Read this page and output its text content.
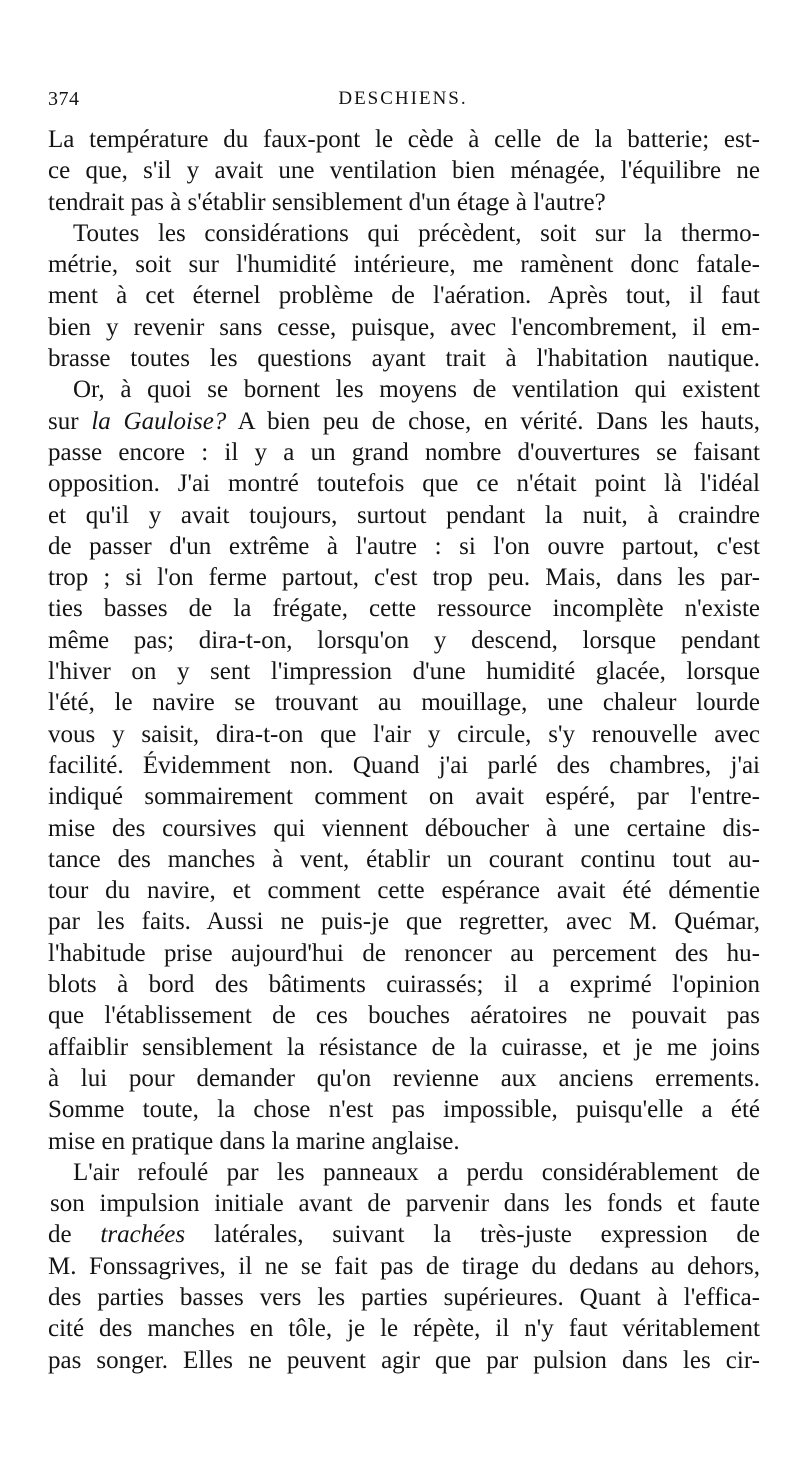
374	DESCHIENS.
La température du faux-pont le cède à celle de la batterie; est-
ce que, s'il y avait une ventilation bien ménagée, l'équilibre ne
tendrait pas à s'établir sensiblement d'un étage à l'autre?
Toutes les considérations qui précèdent, soit sur la thermo-
métrie, soit sur l'humidité intérieure, me ramènent donc fatale-
ment à cet éternel problème de l'aération. Après tout, il faut
bien y revenir sans cesse, puisque, avec l'encombrement, il em-
brasse toutes les questions ayant trait à l'habitation nautique.
Or, à quoi se bornent les moyens de ventilation qui existent
sur la Gauloise? A bien peu de chose, en vérité. Dans les hauts,
passe encore : il y a un grand nombre d'ouvertures se faisant
opposition. J'ai montré toutefois que ce n'était point là l'idéal
et qu'il y avait toujours, surtout pendant la nuit, à craindre
de passer d'un extrême à l'autre : si l'on ouvre partout, c'est
trop ; si l'on ferme partout, c'est trop peu. Mais, dans les par-
ties basses de la frégate, cette ressource incomplète n'existe
même pas; dira-t-on, lorsqu'on y descend, lorsque pendant
l'hiver on y sent l'impression d'une humidité glacée, lorsque
l'été, le navire se trouvant au mouillage, une chaleur lourde
vous y saisit, dira-t-on que l'air y circule, s'y renouvelle avec
facilité. Évidemment non. Quand j'ai parlé des chambres, j'ai
indiqué sommairement comment on avait espéré, par l'entre-
mise des coursives qui viennent déboucher à une certaine dis-
tance des manches à vent, établir un courant continu tout au-
tour du navire, et comment cette espérance avait été démentie
par les faits. Aussi ne puis-je que regretter, avec M. Quémar,
l'habitude prise aujourd'hui de renoncer au percement des hu-
blots à bord des bâtiments cuirassés; il a exprimé l'opinion
que l'établissement de ces bouches aératoires ne pouvait pas
affaiblir sensiblement la résistance de la cuirasse, et je me joins
à lui pour demander qu'on revienne aux anciens errements.
Somme toute, la chose n'est pas impossible, puisqu'elle a été
mise en pratique dans la marine anglaise.
L'air refoulé par les panneaux a perdu considérablement de
son impulsion initiale avant de parvenir dans les fonds et faute
de trachées latérales, suivant la très-juste expression de
M. Fonssagrives, il ne se fait pas de tirage du dedans au dehors,
des parties basses vers les parties supérieures. Quant à l'effica-
cité des manches en tôle, je le répète, il n'y faut véritablement
pas songer. Elles ne peuvent agir que par pulsion dans les cir-
